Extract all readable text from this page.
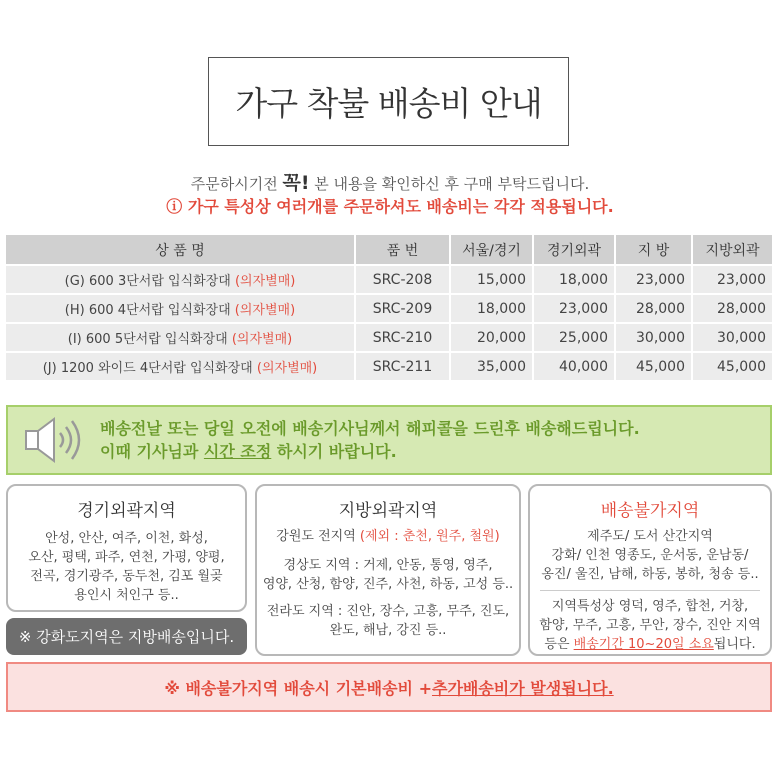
가구 착불 배송비 안내
주문하시기전 꼭! 본 내용을 확인하신 후 구매 부탁드립니다.
ⓘ 가구 특성상 여러개를 주문하셔도 배송비는 각각 적용됩니다.
상 품 명	품 번	서울/경기	경기외곽	지 방	지방외곽
(G) 600 3단서랍 입식화장대 (의자별매)	SRC-208	15,000	18,000	23,000	23,000
(H) 600 4단서랍 입식화장대 (의자별매)	SRC-209	18,000	23,000	28,000	28,000
(I) 600 5단서랍 입식화장대 (의자별매)	SRC-210	20,000	25,000	30,000	30,000
(J) 1200 와이드 4단서랍 입식화장대 (의자별매)	SRC-211	35,000	40,000	45,000	45,000
배송전날 또는 당일 오전에 배송기사님께서 해피콜을 드린후 배송해드립니다.
이때 기사님과 시간 조정 하시기 바랍니다.
경기외곽지역
안성, 안산, 여주, 이천, 화성,
오산, 평택, 파주, 연천, 가평, 양평,
전곡, 경기광주, 동두천, 김포 월곶
용인시 처인구 등..
※ 강화도지역은 지방배송입니다.
지방외곽지역
강원도 전지역 (제외 : 춘천, 원주, 철원)
경상도 지역 : 거제, 안동, 통영, 영주,
영양, 산청, 함양, 진주, 사천, 하동, 고성 등..
전라도 지역 : 진안, 장수, 고흥, 무주, 진도,
완도, 해남, 강진 등..
배송불가지역
제주도/ 도서 산간지역
강화/ 인천 영종도, 운서동, 운남동/
옹진/ 울진, 남해, 하동, 봉하, 청송 등..
지역특성상 영덕, 영주, 합천, 거창,
함양, 무주, 고흥, 무안, 장수, 진안 지역
등은 배송기간 10~20일 소요됩니다.
※ 배송불가지역 배송시 기본배송비 + 추가배송비가 발생됩니다.
